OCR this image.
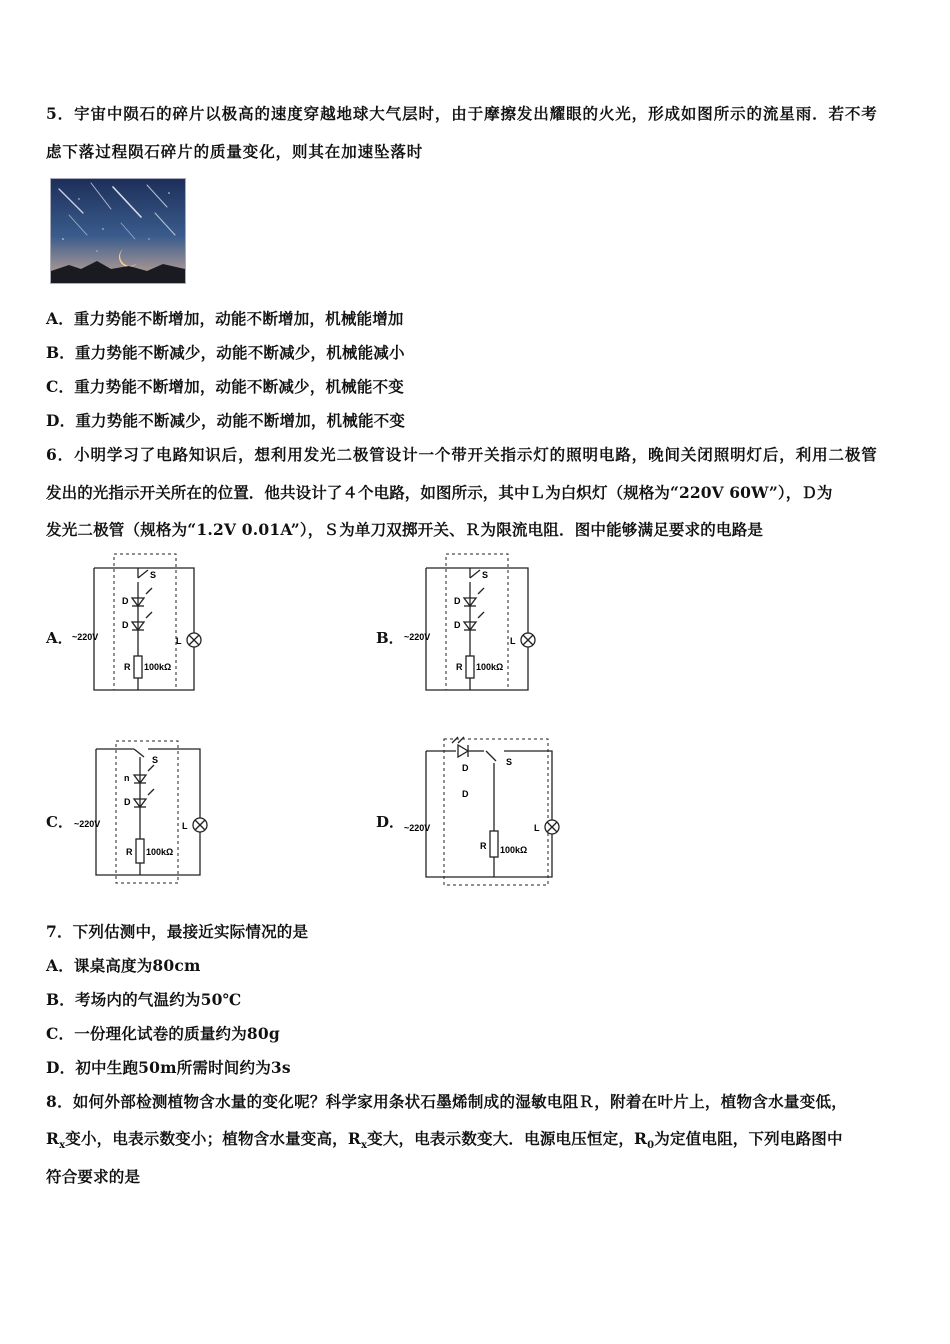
5．宇宙中陨石的碎片以极高的速度穿越地球大气层时，由于摩擦发出耀眼的火光，形成如图所示的流星雨．若不考
虑下落过程陨石碎片的质量变化，则其在加速坠落时
A．重力势能不断增加，动能不断增加，机械能增加
B．重力势能不断减少，动能不断减少，机械能减小
C．重力势能不断增加，动能不断减少，机械能不变
D．重力势能不断减少，动能不断增加，机械能不变
6．小明学习了电路知识后，想利用发光二极管设计一个带开关指示灯的照明电路，晚间关闭照明灯后，利用二极管
发出的光指示开关所在的位置．他共设计了４个电路，如图所示，其中Ｌ为白炽灯（规格为“220V 60W”），Ｄ为
发光二极管（规格为“1.2V 0.01A”），Ｓ为单刀双掷开关、Ｒ为限流电阻．图中能够满足要求的电路是
A．	B．
C．	D．
S
D
D
~220V
R 100kΩ
L
S
D
D
~220V
R 100kΩ
L
S
n
D
~220V
R 100kΩ
L
D
D
S
~220V
R 100kΩ
L
7．下列估测中，最接近实际情况的是
A．课桌高度为80cm
B．考场内的气温约为50℃
C．一份理化试卷的质量约为80g
D．初中生跑50m所需时间约为3s
8．如何外部检测植物含水量的变化呢？科学家用条状石墨烯制成的湿敏电阻Ｒ，附着在叶片上，植物含水量变低，
$R_x$变小，电表示数变小；植物含水量变高，$R_x$变大，电表示数变大．电源电压恒定，$R_0$为定值电阻，下列电路图中
符合要求的是
